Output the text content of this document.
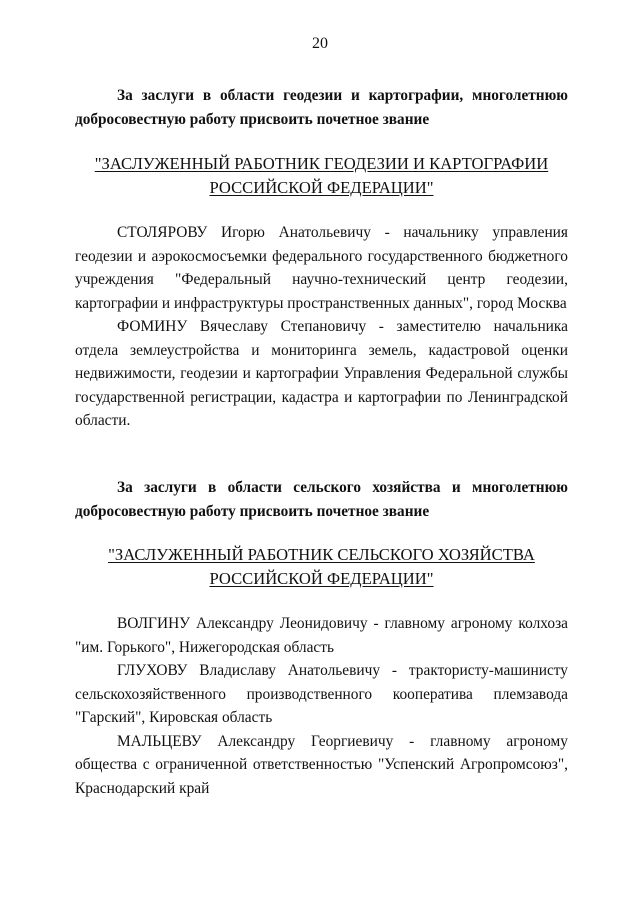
20

За заслуги в области геодезии и картографии, многолетнюю добросовестную работу присвоить почетное звание

"ЗАСЛУЖЕННЫЙ РАБОТНИК ГЕОДЕЗИИ И КАРТОГРАФИИ
РОССИЙСКОЙ ФЕДЕРАЦИИ"

СТОЛЯРОВУ Игорю Анатольевичу - начальнику управления геодезии и аэрокосмосъемки федерального государственного бюджетного учреждения "Федеральный научно-технический центр геодезии, картографии и инфраструктуры пространственных данных", город Москва

ФОМИНУ Вячеславу Степановичу - заместителю начальника отдела землеустройства и мониторинга земель, кадастровой оценки недвижимости, геодезии и картографии Управления Федеральной службы государственной регистрации, кадастра и картографии по Ленинградской области.

За заслуги в области сельского хозяйства и многолетнюю добросовестную работу присвоить почетное звание

"ЗАСЛУЖЕННЫЙ РАБОТНИК СЕЛЬСКОГО ХОЗЯЙСТВА
РОССИЙСКОЙ ФЕДЕРАЦИИ"

ВОЛГИНУ Александру Леонидовичу - главному агроному колхоза "им. Горького", Нижегородская область

ГЛУХОВУ Владиславу Анатольевичу - трактористу-машинисту сельскохозяйственного производственного кооператива племзавода "Гарский", Кировская область

МАЛЬЦЕВУ Александру Георгиевичу - главному агроному общества с ограниченной ответственностью "Успенский Агропромсоюз", Краснодарский край
